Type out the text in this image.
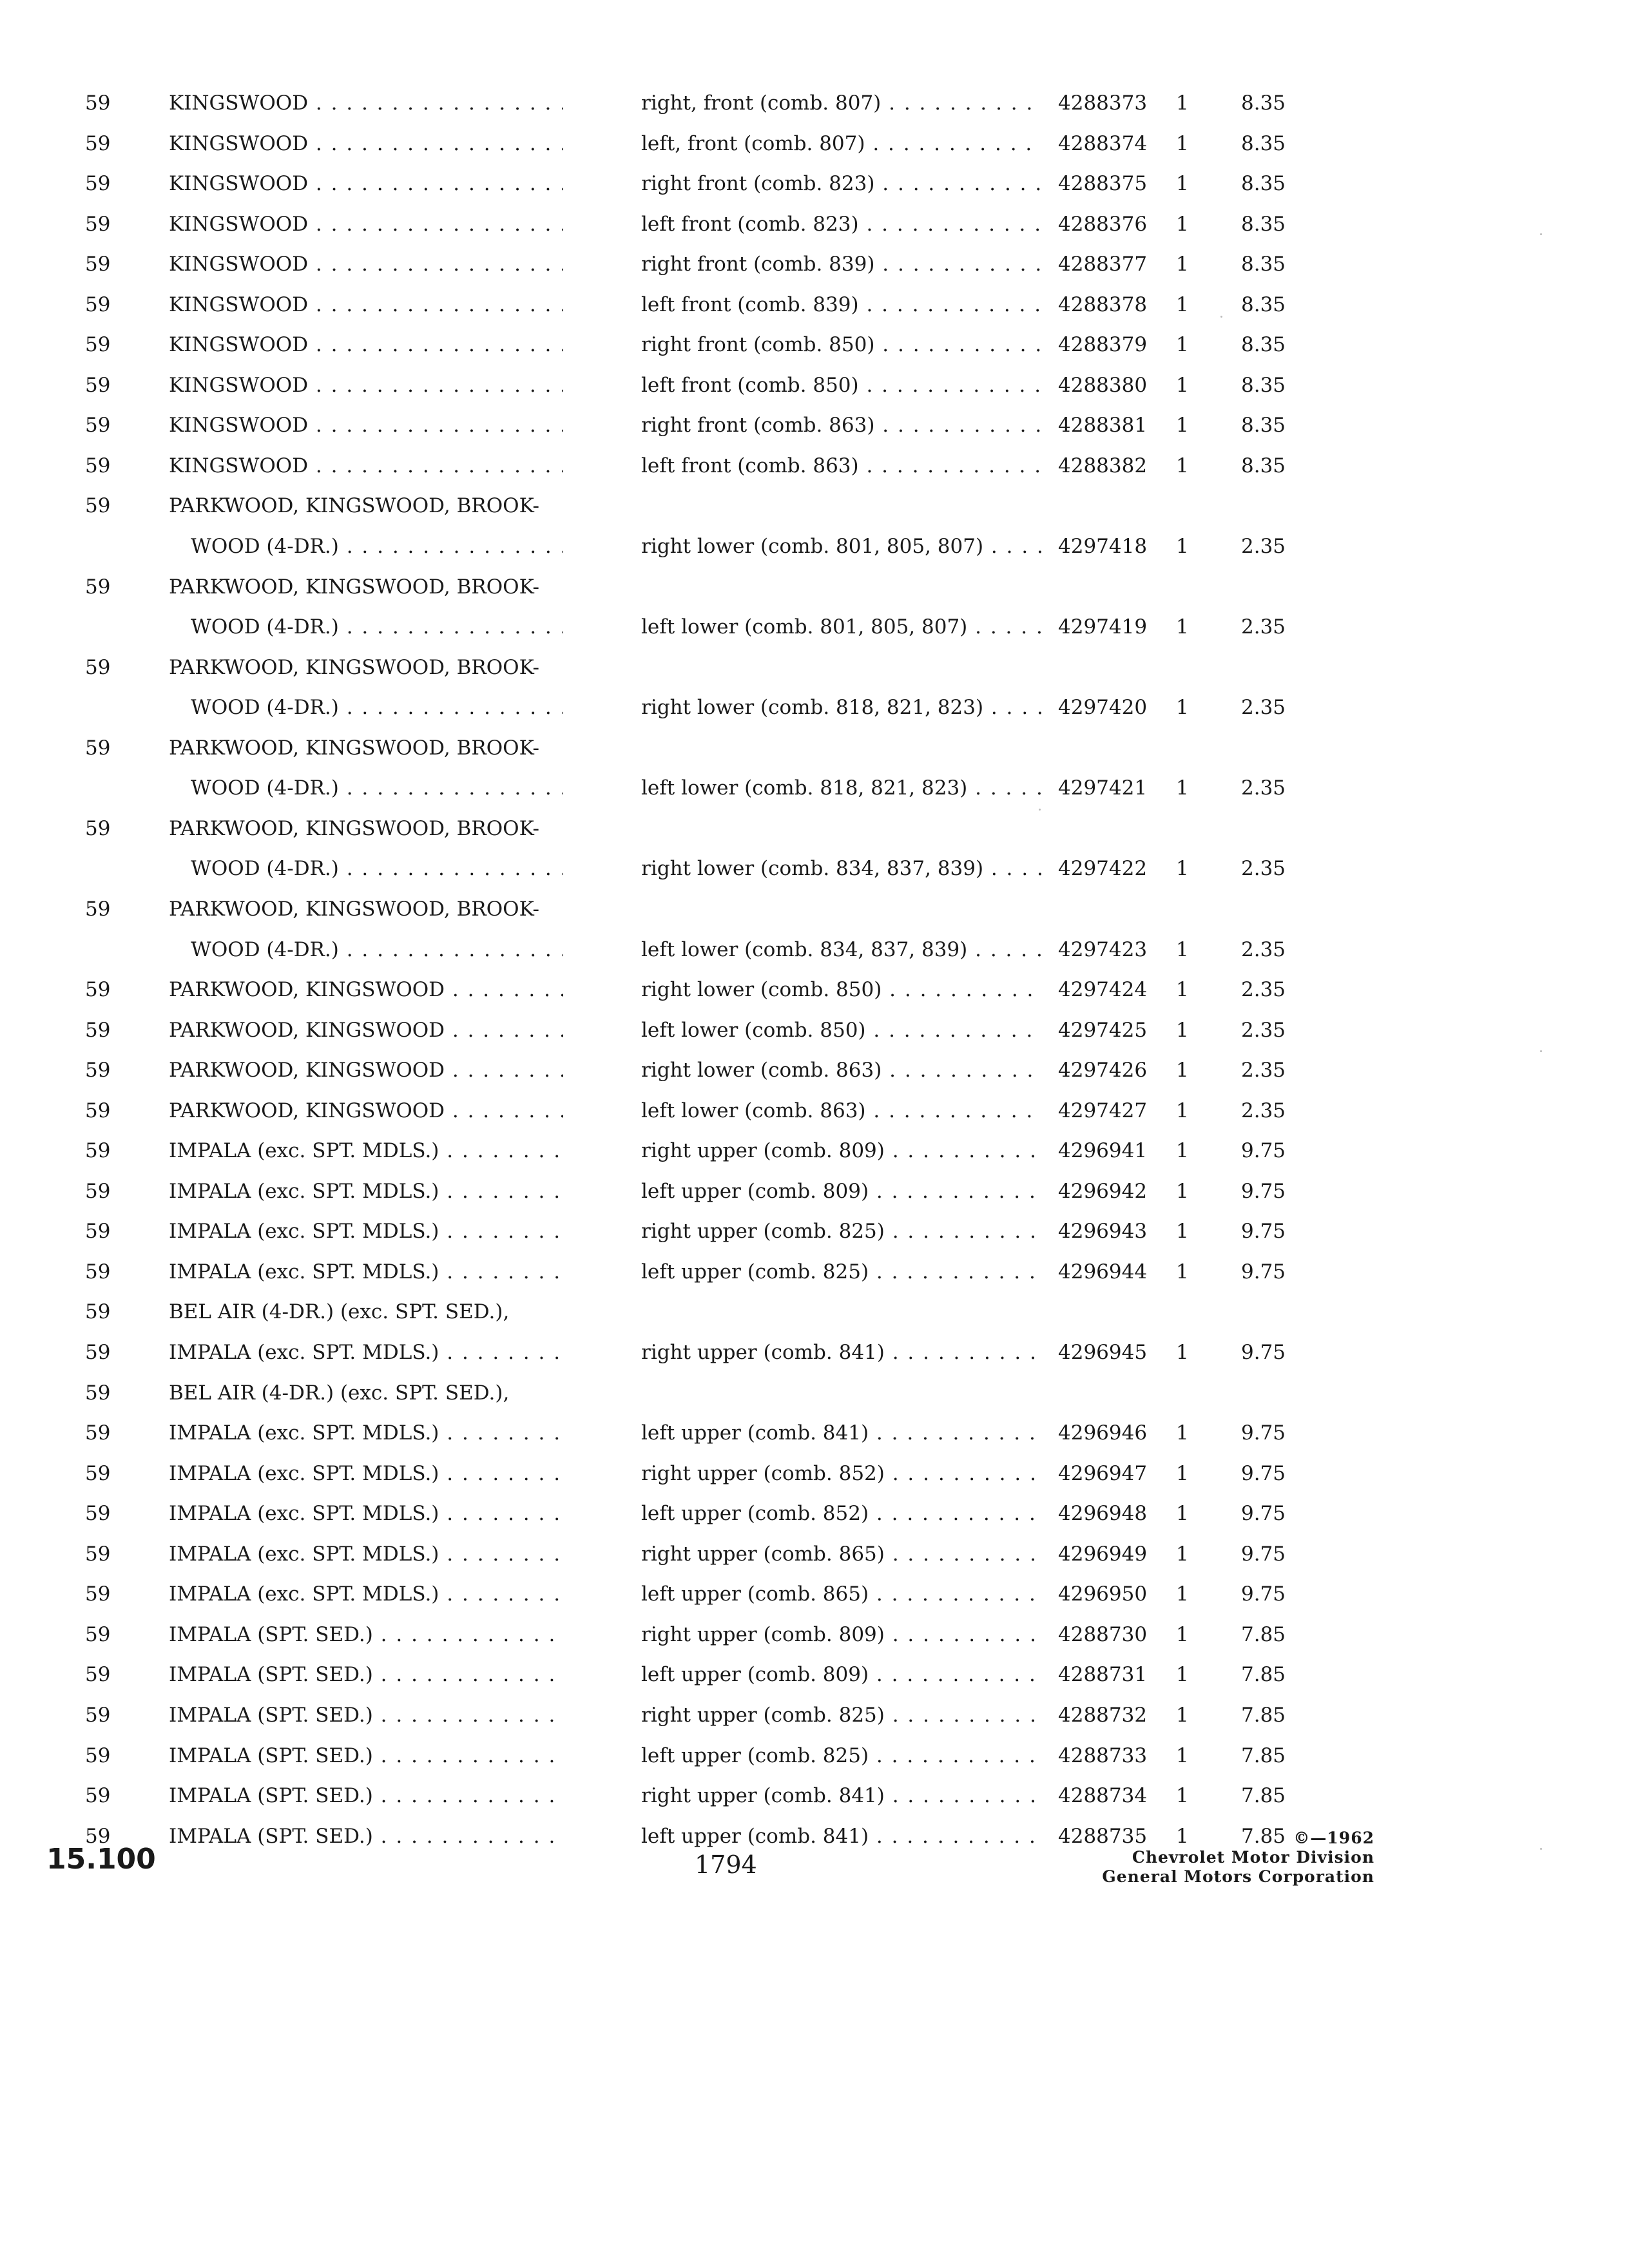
59	KINGSWOOD . . .	right, front (comb. 807) . . .	4288373 1	8.35
59	KINGSWOOD . . .	left, front (comb. 807) . . .	4288374 1	8.35
59	KINGSWOOD . . .	right front (comb. 823) . . .	4288375 1	8.35
59	KINGSWOOD . . .	left front (comb. 823) . . .	4288376 1	8.35
59	KINGSWOOD . . .	right front (comb. 839) . . .	4288377 1	8.35
59	KINGSWOOD . . .	left front (comb. 839) . . .	4288378 1	8.35
59	KINGSWOOD . . .	right front (comb. 850) . . .	4288379 1	8.35
59	KINGSWOOD . . .	left front (comb. 850) . . .	4288380 1	8.35
59	KINGSWOOD . . .	right front (comb. 863) . . .	4288381 1	8.35
59	KINGSWOOD . . .	left front (comb. 863) . . .	4288382 1	8.35
59	PARKWOOD, KINGSWOOD, BROOK-
WOOD (4-DR.) . . .	right lower (comb. 801, 805, 807) . . .	4297418 1	2.35
59	PARKWOOD, KINGSWOOD, BROOK-
WOOD (4-DR.) . . .	left lower (comb. 801, 805, 807) . . .	4297419 1	2.35
59	PARKWOOD, KINGSWOOD, BROOK-
WOOD (4-DR.) . . .	right lower (comb. 818, 821, 823) . . .	4297420 1	2.35
59	PARKWOOD, KINGSWOOD, BROOK-
WOOD (4-DR.) . . .	left lower (comb. 818, 821, 823) . . .	4297421 1	2.35
59	PARKWOOD, KINGSWOOD, BROOK-
WOOD (4-DR.) . . .	right lower (comb. 834, 837, 839) . . .	4297422 1	2.35
59	PARKWOOD, KINGSWOOD, BROOK-
WOOD (4-DR.) . . .	left lower (comb. 834, 837, 839) . . .	4297423 1	2.35
59	PARKWOOD, KINGSWOOD . . .	right lower (comb. 850) . . .	4297424 1	2.35
59	PARKWOOD, KINGSWOOD . . .	left lower (comb. 850) . . .	4297425 1	2.35
59	PARKWOOD, KINGSWOOD . . .	right lower (comb. 863) . . .	4297426 1	2.35
59	PARKWOOD, KINGSWOOD . . .	left lower (comb. 863) . . .	4297427 1	2.35
59	IMPALA (exc. SPT. MDLS.) . . .	right upper (comb. 809) . . .	4296941 1	9.75
59	IMPALA (exc. SPT. MDLS.) . . .	left upper (comb. 809) . . .	4296942 1	9.75
59	IMPALA (exc. SPT. MDLS.) . . .	right upper (comb. 825) . . .	4296943 1	9.75
59	IMPALA (exc. SPT. MDLS.) . . .	left upper (comb. 825) . . .	4296944 1	9.75
59	BEL AIR (4-DR.) (exc. SPT. SED.),
59	IMPALA (exc. SPT. MDLS.) . . .	right upper (comb. 841) . . .	4296945 1	9.75
59	BEL AIR (4-DR.) (exc. SPT. SED.),
59	IMPALA (exc. SPT. MDLS.) . . .	left upper (comb. 841) . . .	4296946 1	9.75
59	IMPALA (exc. SPT. MDLS.) . . .	right upper (comb. 852) . . .	4296947 1	9.75
59	IMPALA (exc. SPT. MDLS.) . . .	left upper (comb. 852) . . .	4296948 1	9.75
59	IMPALA (exc. SPT. MDLS.) . . .	right upper (comb. 865) . . .	4296949 1	9.75
59	IMPALA (exc. SPT. MDLS.) . . .	left upper (comb. 865) . . .	4296950 1	9.75
59	IMPALA (SPT. SED.) . . .	right upper (comb. 809) . . .	4288730 1	7.85
59	IMPALA (SPT. SED.) . . .	left upper (comb. 809) . . .	4288731 1	7.85
59	IMPALA (SPT. SED.) . . .	right upper (comb. 825) . . .	4288732 1	7.85
59	IMPALA (SPT. SED.) . . .	left upper (comb. 825) . . .	4288733 1	7.85
59	IMPALA (SPT. SED.) . . .	right upper (comb. 841) . . .	4288734 1	7.85
59	IMPALA (SPT. SED.) . . .	left upper (comb. 841) . . .	4288735 1	7.85
15.100	1794
©—1962
Chevrolet Motor Division
General Motors Corporation
